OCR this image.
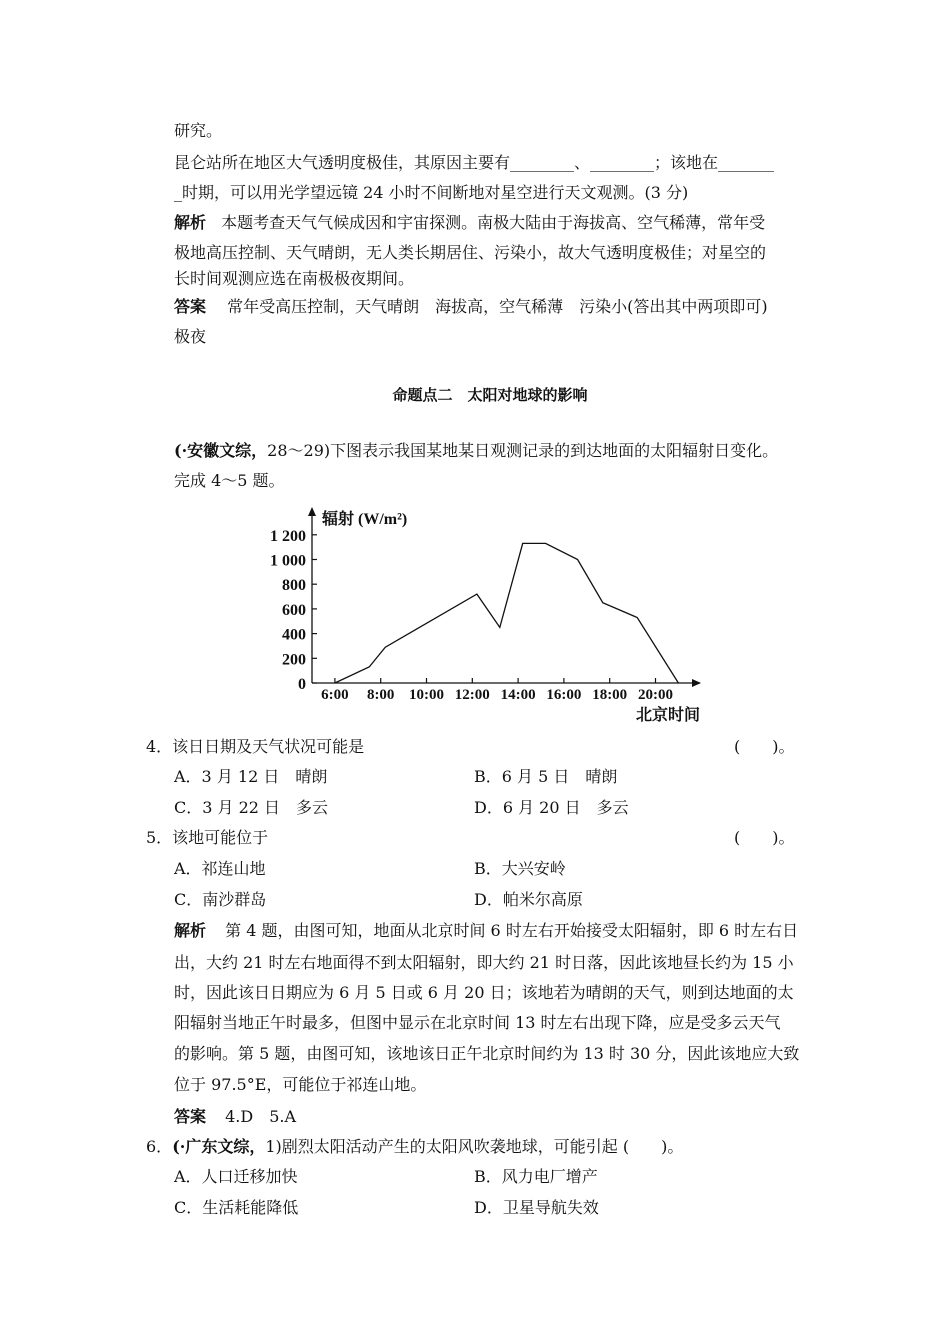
研究。
昆仑站所在地区大气透明度极佳，其原因主要有________、________；该地在_______
_时期，可以用光学望远镜 24 小时不间断地对星空进行天文观测。(3 分)
解析 本题考查天气气候成因和宇宙探测。南极大陆由于海拔高、空气稀薄，常年受
极地高压控制、天气晴朗，无人类长期居住、污染小，故大气透明度极佳；对星空的
长时间观测应选在南极极夜期间。
答案 常年受高压控制，天气晴朗　海拔高，空气稀薄　污染小(答出其中两项即可)
极夜
命题点二　太阳对地球的影响
(·安徽文综，28～29)下图表示我国某地某日观测记录的到达地面的太阳辐射日变化。
完成 4～5 题。
0
200
400
600
800
1 000
1 200
6:00 8:00 10:00 12:00 14:00 16:00 18:00 20:00
辐射 (W/m²)
北京时间
4．该日日期及天气状况可能是	(　　)。
A．3 月 12 日　晴朗	B．6 月 5 日　晴朗
C．3 月 22 日　多云	D．6 月 20 日　多云
5．该地可能位于	(　　)。
A．祁连山地	B．大兴安岭
C．南沙群岛	D．帕米尔高原
解析 第 4 题，由图可知，地面从北京时间 6 时左右开始接受太阳辐射，即 6 时左右日
出，大约 21 时左右地面得不到太阳辐射，即大约 21 时日落，因此该地昼长约为 15 小
时，因此该日日期应为 6 月 5 日或 6 月 20 日；该地若为晴朗的天气，则到达地面的太
阳辐射当地正午时最多，但图中显示在北京时间 13 时左右出现下降，应是受多云天气
的影响。第 5 题，由图可知，该地该日正午北京时间约为 13 时 30 分，因此该地应大致
位于 97.5°E，可能位于祁连山地。
答案 4.D　5.A
6．(·广东文综，1)剧烈太阳活动产生的太阳风吹袭地球，可能引起 (　　)。
A．人口迁移加快	B．风力电厂增产
C．生活耗能降低	D．卫星导航失效
